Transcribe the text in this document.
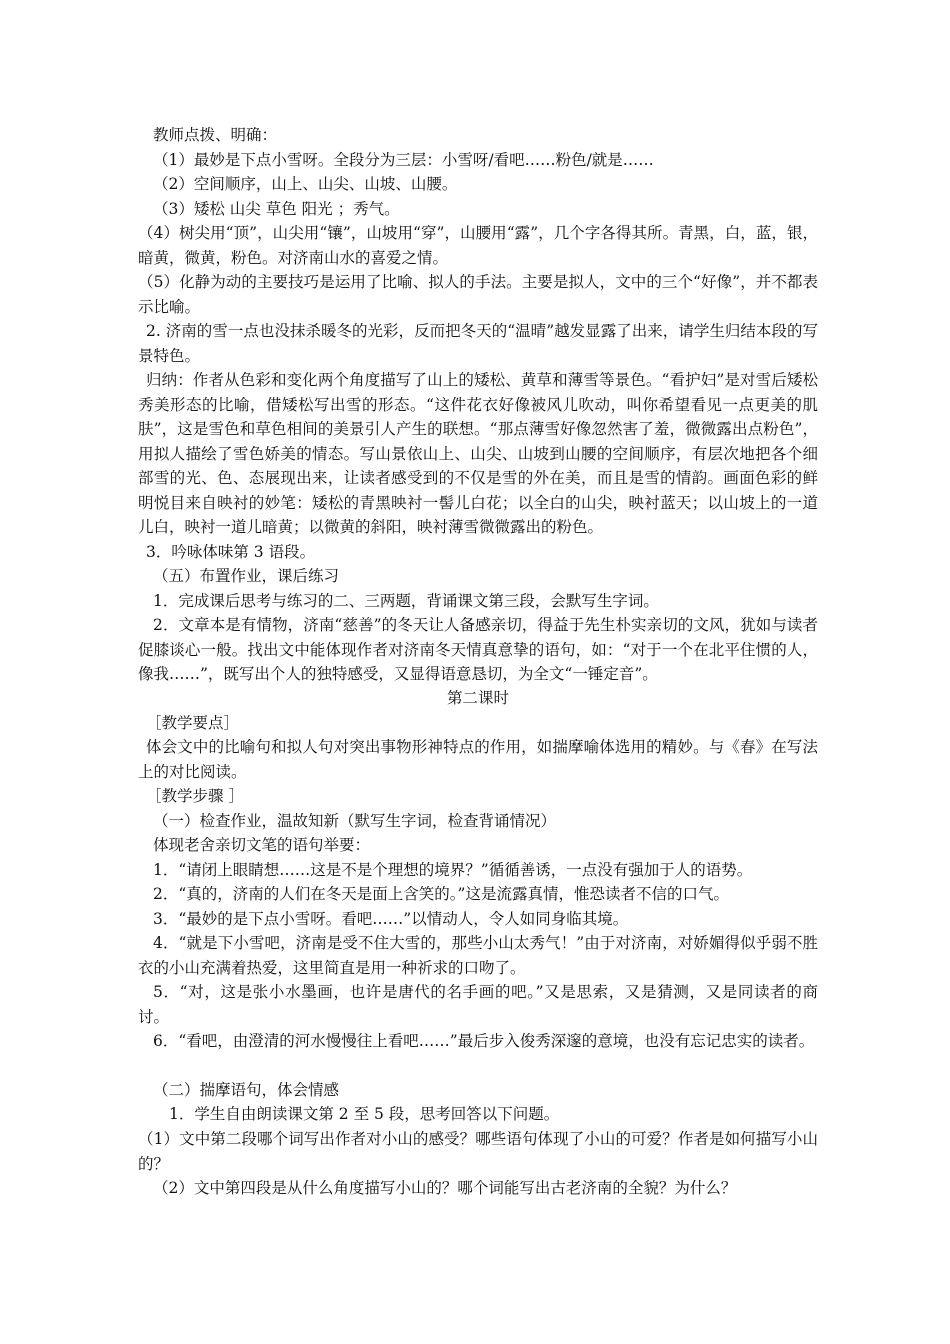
教师点拨、明确：

（1）最妙是下点小雪呀。全段分为三层：小雪呀/看吧……粉色/就是……

（2）空间顺序，山上、山尖、山坡、山腰。

（3）矮松 山尖 草色 阳光 ；秀气。

（4）树尖用“顶”，山尖用“镶”，山坡用“穿”，山腰用“露”，几个字各得其所。青黑，白，蓝，银，暗黄，微黄，粉色。对济南山水的喜爱之情。

（5）化静为动的主要技巧是运用了比喻、拟人的手法。主要是拟人，文中的三个“好像”，并不都表示比喻。

2. 济南的雪一点也没抹杀暖冬的光彩，反而把冬天的“温晴”越发显露了出来，请学生归结本段的写景特色。

归纳：作者从色彩和变化两个角度描写了山上的矮松、黄草和薄雪等景色。“看护妇”是对雪后矮松秀美形态的比喻，借矮松写出雪的形态。“这件花衣好像被风儿吹动，叫你希望看见一点更美的肌肤”，这是雪色和草色相间的美景引人产生的联想。“那点薄雪好像忽然害了羞，微微露出点粉色”，用拟人描绘了雪色娇美的情态。写山景依山上、山尖、山坡到山腰的空间顺序，有层次地把各个细部雪的光、色、态展现出来，让读者感受到的不仅是雪的外在美，而且是雪的情韵。画面色彩的鲜明悦目来自映衬的妙笔：矮松的青黑映衬一髻儿白花；以全白的山尖，映衬蓝天；以山坡上的一道儿白，映衬一道儿暗黄；以微黄的斜阳，映衬薄雪微微露出的粉色。

3．吟咏体味第 3 语段。

（五）布置作业，课后练习

1．完成课后思考与练习的二、三两题，背诵课文第三段，会默写生字词。

2．文章本是有情物，济南“慈善”的冬天让人备感亲切，得益于先生朴实亲切的文风，犹如与读者促膝谈心一般。找出文中能体现作者对济南冬天情真意挚的语句，如：“对于一个在北平住惯的人，像我……”，既写出个人的独特感受，又显得语意恳切，为全文“一锤定音”。

第二课时

［教学要点］

体会文中的比喻句和拟人句对突出事物形神特点的作用，如揣摩喻体选用的精妙。与《春》在写法上的对比阅读。

［教学步骤 ］

（一）检查作业，温故知新（默写生字词，检查背诵情况）

体现老舍亲切文笔的语句举要：

1．“请闭上眼睛想……这是不是个理想的境界？”循循善诱，一点没有强加于人的语势。

2．“真的，济南的人们在冬天是面上含笑的。”这是流露真情，惟恐读者不信的口气。

3．“最妙的是下点小雪呀。看吧……”以情动人，令人如同身临其境。

4．“就是下小雪吧，济南是受不住大雪的，那些小山太秀气！”由于对济南，对娇媚得似乎弱不胜衣的小山充满着热爱，这里简直是用一种祈求的口吻了。

5．“对，这是张小水墨画，也许是唐代的名手画的吧。”又是思索，又是猜测，又是同读者的商讨。

6．“看吧，由澄清的河水慢慢往上看吧……”最后步入俊秀深邃的意境，也没有忘记忠实的读者。

（二）揣摩语句，体会情感

1．学生自由朗读课文第 2 至 5 段，思考回答以下问题。

（1）文中第二段哪个词写出作者对小山的感受？哪些语句体现了小山的可爱？作者是如何描写小山的？

（2）文中第四段是从什么角度描写小山的？哪个词能写出古老济南的全貌？为什么？
